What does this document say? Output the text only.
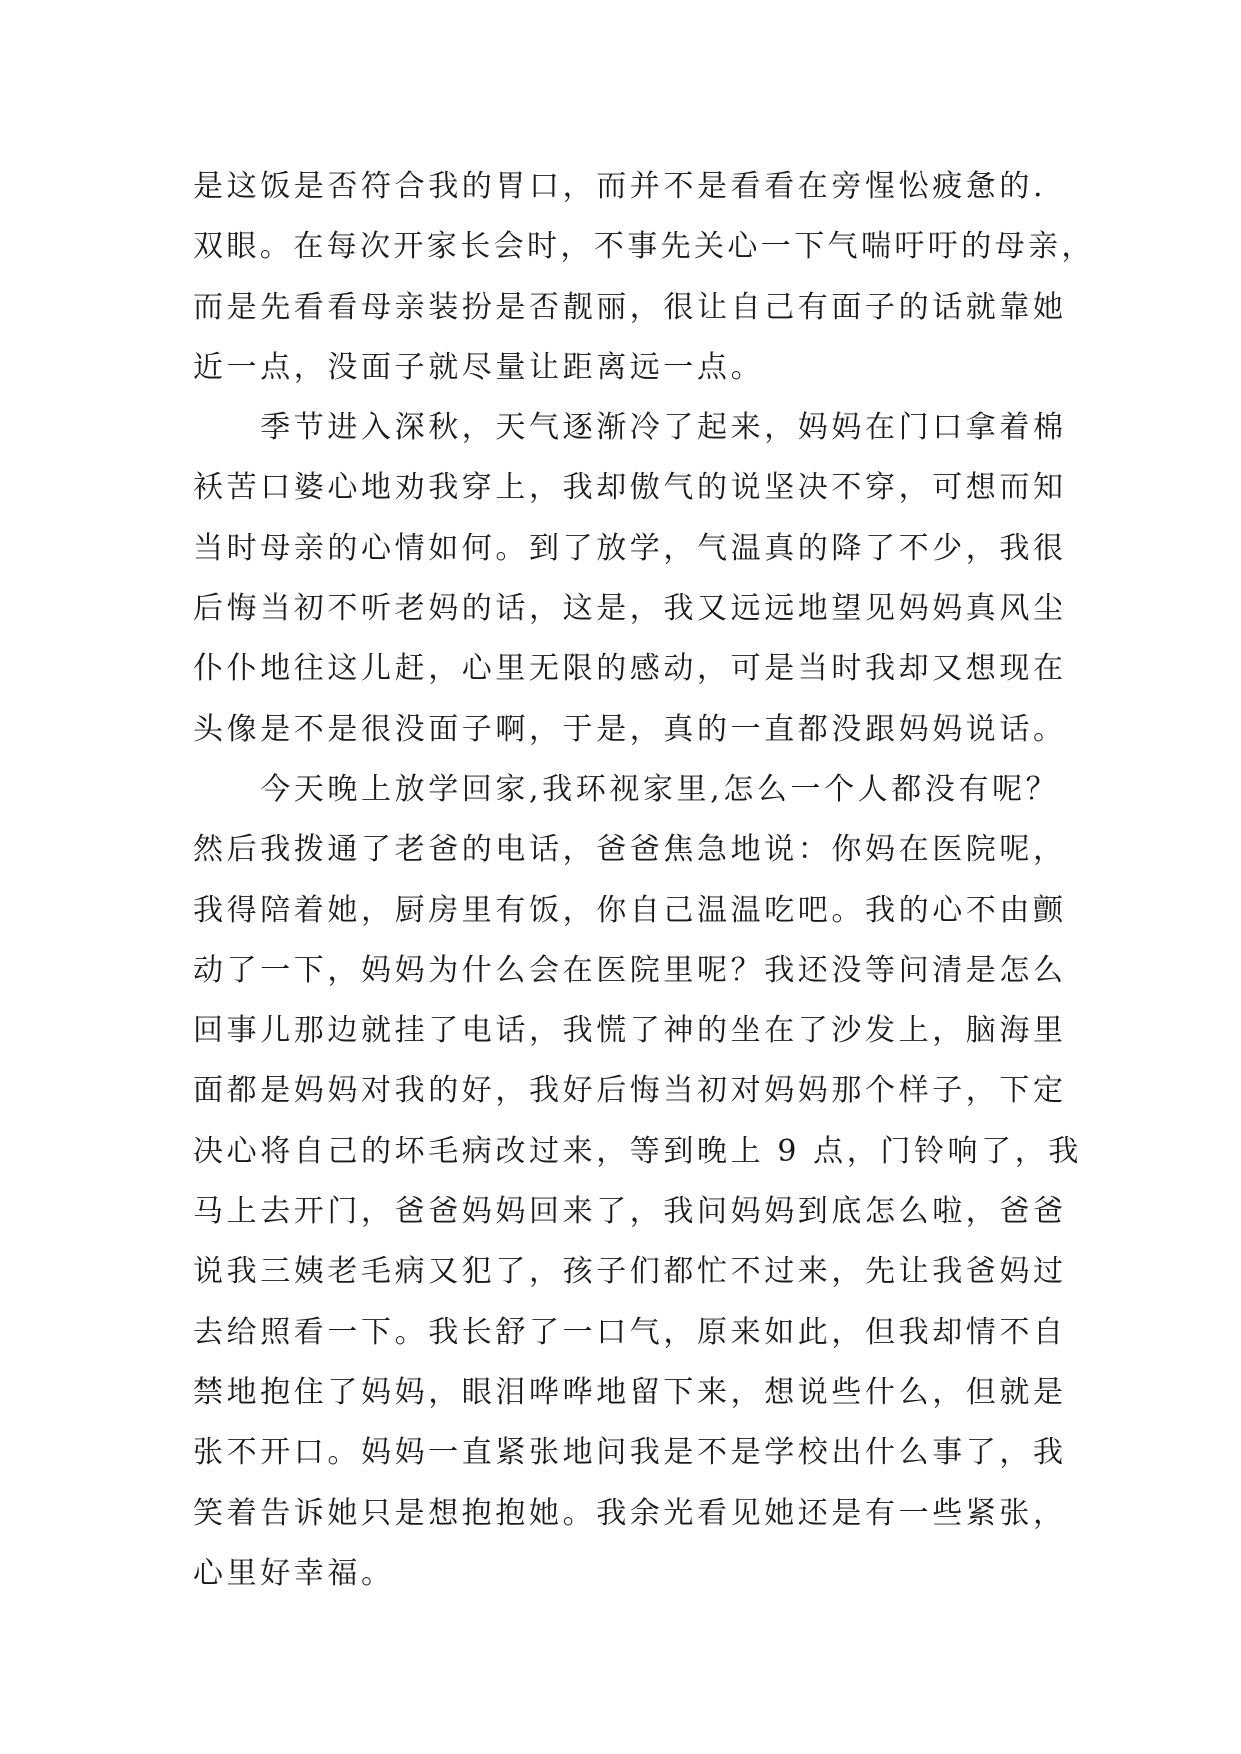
是这饭是否符合我的胃口，而并不是看看在旁惺忪疲惫的.
双眼。在每次开家长会时，不事先关心一下气喘吁吁的母亲，
而是先看看母亲装扮是否靓丽，很让自己有面子的话就靠她
近一点，没面子就尽量让距离远一点。
　　季节进入深秋，天气逐渐冷了起来，妈妈在门口拿着棉
袄苦口婆心地劝我穿上，我却傲气的说坚决不穿，可想而知
当时母亲的心情如何。到了放学，气温真的降了不少，我很
后悔当初不听老妈的话，这是，我又远远地望见妈妈真风尘
仆仆地往这儿赶，心里无限的感动，可是当时我却又想现在
头像是不是很没面子啊，于是，真的一直都没跟妈妈说话。
　　今天晚上放学回家,我环视家里,怎么一个人都没有呢？
然后我拨通了老爸的电话，爸爸焦急地说：你妈在医院呢，
我得陪着她，厨房里有饭，你自己温温吃吧。我的心不由颤
动了一下，妈妈为什么会在医院里呢？我还没等问清是怎么
回事儿那边就挂了电话，我慌了神的坐在了沙发上，脑海里
面都是妈妈对我的好，我好后悔当初对妈妈那个样子，下定
决心将自己的坏毛病改过来，等到晚上 9 点，门铃响了，我
马上去开门，爸爸妈妈回来了，我问妈妈到底怎么啦，爸爸
说我三姨老毛病又犯了，孩子们都忙不过来，先让我爸妈过
去给照看一下。我长舒了一口气，原来如此，但我却情不自
禁地抱住了妈妈，眼泪哗哗地留下来，想说些什么，但就是
张不开口。妈妈一直紧张地问我是不是学校出什么事了，我
笑着告诉她只是想抱抱她。我余光看见她还是有一些紧张，
心里好幸福。
